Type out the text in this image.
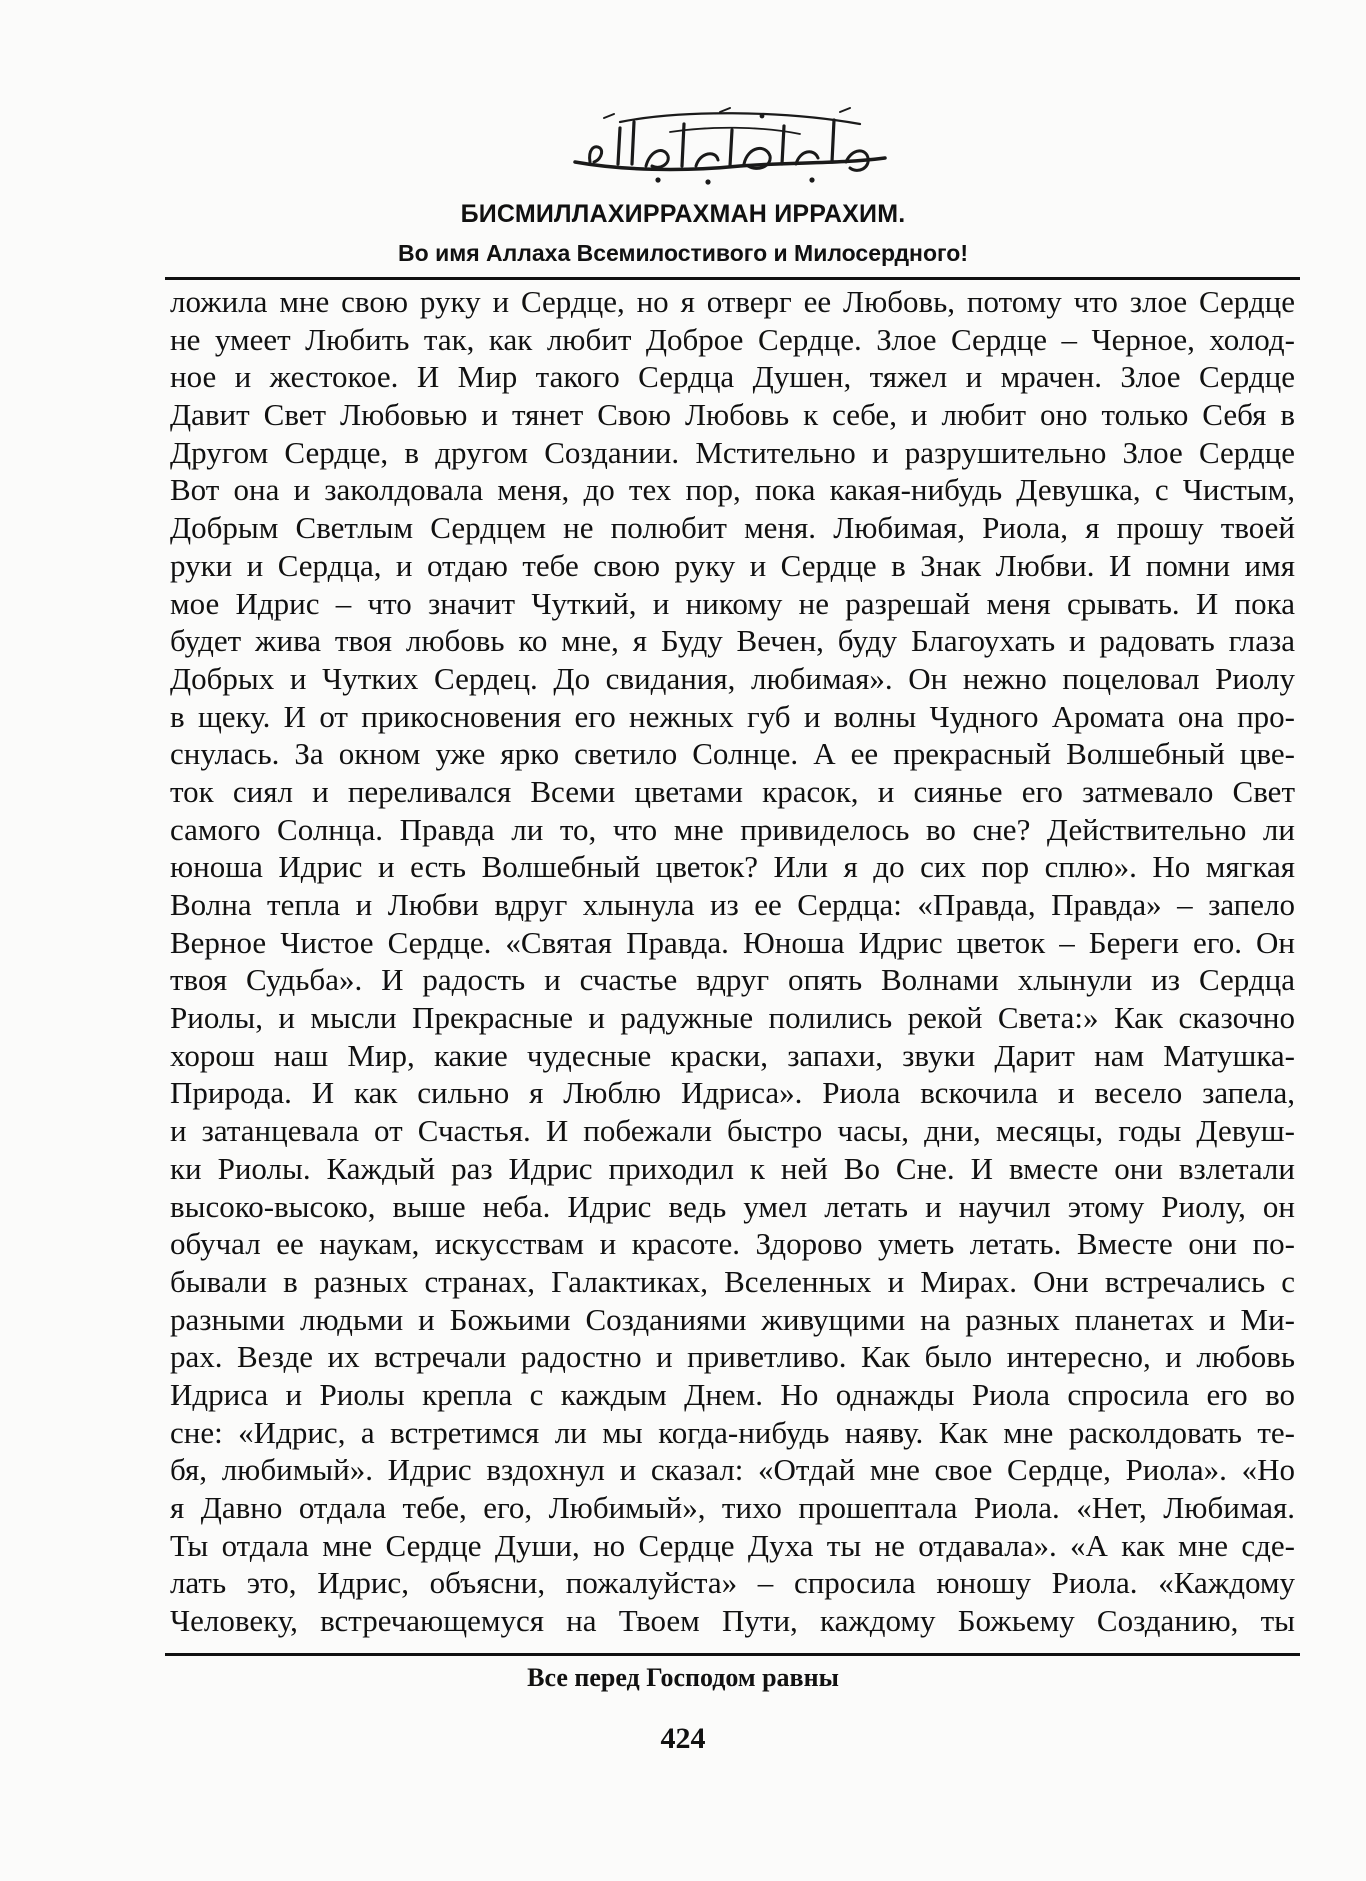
БИСМИЛЛАХИРРАХМАН ИРРАХИМ.
Во имя Аллаха Всемилостивого и Милосердного!
ложила мне свою руку и Сердце, но я отверг ее Любовь, потому что злое Сердце
не умеет Любить так, как любит Доброе Сердце. Злое Сердце – Черное, холод-
ное и жестокое. И Мир такого Сердца Душен, тяжел и мрачен. Злое Сердце
Давит Свет Любовью и тянет Свою Любовь к себе, и любит оно только Себя в
Другом Сердце, в другом Создании. Мстительно и разрушительно Злое Сердце
Вот она и заколдовала меня, до тех пор, пока какая-нибудь Девушка, с Чистым,
Добрым Светлым Сердцем не полюбит меня. Любимая, Риола, я прошу твоей
руки и Сердца, и отдаю тебе свою руку и Сердце в Знак Любви. И помни имя
мое Идрис – что значит Чуткий, и никому не разрешай меня срывать. И пока
будет жива твоя любовь ко мне, я Буду Вечен, буду Благоухать и радовать глаза
Добрых и Чутких Сердец. До свидания, любимая». Он нежно поцеловал Риолу
в щеку. И от прикосновения его нежных губ и волны Чудного Аромата она про-
снулась. За окном уже ярко светило Солнце. А ее прекрасный Волшебный цве-
ток сиял и переливался Всеми цветами красок, и сиянье его затмевало Свет
самого Солнца. Правда ли то, что мне привиделось во сне? Действительно ли
юноша Идрис и есть Волшебный цветок? Или я до сих пор сплю». Но мягкая
Волна тепла и Любви вдруг хлынула из ее Сердца: «Правда, Правда» – запело
Верное Чистое Сердце. «Святая Правда. Юноша Идрис цветок – Береги его. Он
твоя Судьба». И радость и счастье вдруг опять Волнами хлынули из Сердца
Риолы, и мысли Прекрасные и радужные полились рекой Света:» Как сказочно
хорош наш Мир, какие чудесные краски, запахи, звуки Дарит нам Матушка-
Природа. И как сильно я Люблю Идриса». Риола вскочила и весело запела,
и затанцевала от Счастья. И побежали быстро часы, дни, месяцы, годы Девуш-
ки Риолы. Каждый раз Идрис приходил к ней Во Сне. И вместе они взлетали
высоко-высоко, выше неба. Идрис ведь умел летать и научил этому Риолу, он
обучал ее наукам, искусствам и красоте. Здорово уметь летать. Вместе они по-
бывали в разных странах, Галактиках, Вселенных и Мирах. Они встречались с
разными людьми и Божьими Созданиями живущими на разных планетах и Ми-
рах. Везде их встречали радостно и приветливо. Как было интересно, и любовь
Идриса и Риолы крепла с каждым Днем. Но однажды Риола спросила его во
сне: «Идрис, а встретимся ли мы когда-нибудь наяву. Как мне расколдовать те-
бя, любимый». Идрис вздохнул и сказал: «Отдай мне свое Сердце, Риола». «Но
я Давно отдала тебе, его, Любимый», тихо прошептала Риола. «Нет, Любимая.
Ты отдала мне Сердце Души, но Сердце Духа ты не отдавала». «А как мне сде-
лать это, Идрис, объясни, пожалуйста» – спросила юношу Риола. «Каждому
Человеку, встречающемуся на Твоем Пути, каждому Божьему Созданию, ты
Все перед Господом равны
424
